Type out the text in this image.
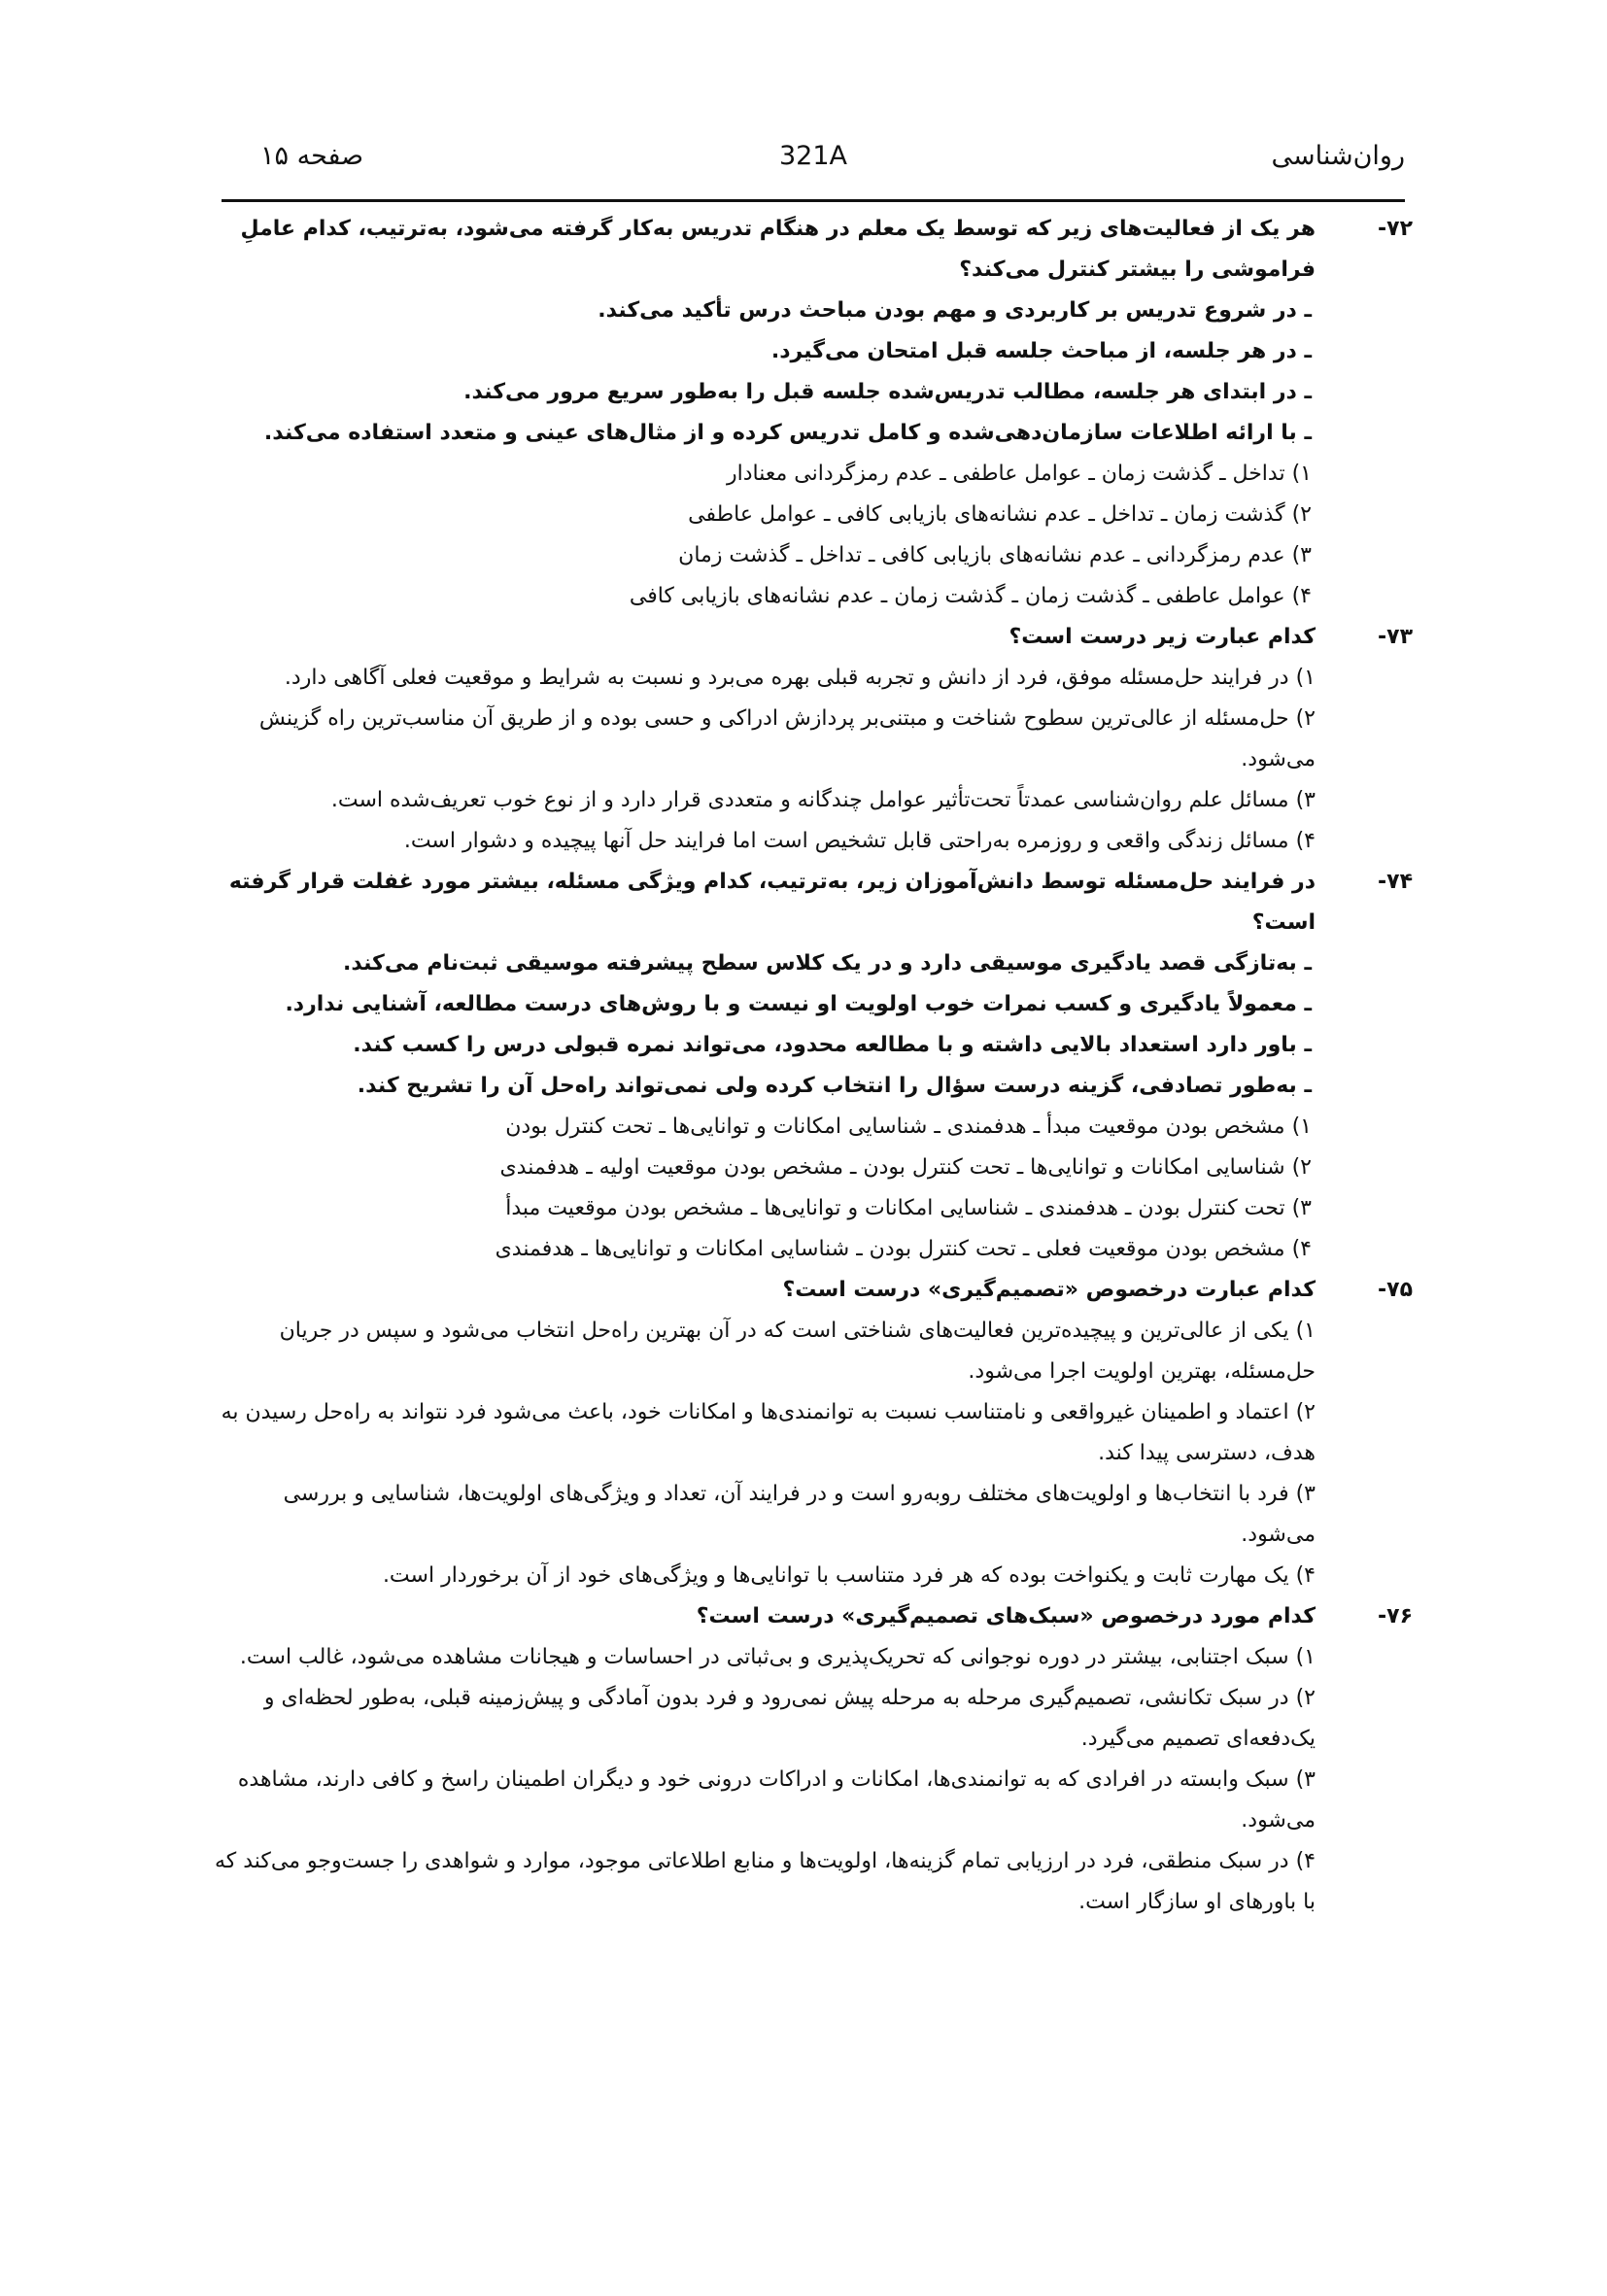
روان‌شناسی
321A
صفحه ۱۵
۷۲-
هر یک از فعالیت‌های زیر که توسط یک معلم در هنگام تدریس به‌کار گرفته می‌شود، به‌ترتیب، کدام عاملِ فراموشی را بیشتر کنترل می‌کند؟
ـ در شروع تدریس بر کاربردی و مهم بودن مباحث درس تأکید می‌کند.
ـ در هر جلسه، از مباحث جلسه قبل امتحان می‌گیرد.
ـ در ابتدای هر جلسه، مطالب تدریس‌شده جلسه قبل را به‌طور سریع مرور می‌کند.
ـ با ارائه اطلاعات سازمان‌دهی‌شده و کامل تدریس کرده و از مثال‌های عینی و متعدد استفاده می‌کند.
۱) تداخل ـ گذشت زمان ـ عوامل عاطفی ـ عدم رمزگردانی معنادار
۲) گذشت زمان ـ تداخل ـ عدم نشانه‌های بازیابی کافی ـ عوامل عاطفی
۳) عدم رمزگردانی ـ عدم نشانه‌های بازیابی کافی ـ تداخل ـ گذشت زمان
۴) عوامل عاطفی ـ گذشت زمان ـ گذشت زمان ـ عدم نشانه‌های بازیابی کافی
۷۳-
کدام عبارت زیر درست است؟
۱) در فرایند حل‌مسئله موفق، فرد از دانش و تجربه قبلی بهره می‌برد و نسبت به شرایط و موقعیت فعلی آگاهی دارد.
۲) حل‌مسئله از عالی‌ترین سطوح شناخت و مبتنی‌بر پردازش ادراکی و حسی بوده و از طریق آن مناسب‌ترین راه گزینش می‌شود.
۳) مسائل علم روان‌شناسی عمدتاً تحت‌تأثیر عوامل چندگانه و متعددی قرار دارد و از نوع خوب تعریف‌شده است.
۴) مسائل زندگی واقعی و روزمره به‌راحتی قابل تشخیص است اما فرایند حل آنها پیچیده و دشوار است.
۷۴-
در فرایند حل‌مسئله توسط دانش‌آموزان زیر، به‌ترتیب، کدام ویژگی مسئله، بیشتر مورد غفلت قرار گرفته است؟
ـ به‌تازگی قصد یادگیری موسیقی دارد و در یک کلاس سطح پیشرفته موسیقی ثبت‌نام می‌کند.
ـ معمولاً یادگیری و کسب نمرات خوب اولویت او نیست و با روش‌های درست مطالعه، آشنایی ندارد.
ـ باور دارد استعداد بالایی داشته و با مطالعه محدود، می‌تواند نمره قبولی درس را کسب کند.
ـ به‌طور تصادفی، گزینه درست سؤال را انتخاب کرده ولی نمی‌تواند راه‌حل آن را تشریح کند.
۱) مشخص بودن موقعیت مبدأ ـ هدفمندی ـ شناسایی امکانات و توانایی‌ها ـ تحت کنترل بودن
۲) شناسایی امکانات و توانایی‌ها ـ تحت کنترل بودن ـ مشخص بودن موقعیت اولیه ـ هدفمندی
۳) تحت کنترل بودن ـ هدفمندی ـ شناسایی امکانات و توانایی‌ها ـ مشخص بودن موقعیت مبدأ
۴) مشخص بودن موقعیت فعلی ـ تحت کنترل بودن ـ شناسایی امکانات و توانایی‌ها ـ هدفمندی
۷۵-
کدام عبارت درخصوص «تصمیم‌گیری» درست است؟
۱) یکی از عالی‌ترین و پیچیده‌ترین فعالیت‌های شناختی است که در آن بهترین راه‌حل انتخاب می‌شود و سپس در جریان حل‌مسئله، بهترین اولویت اجرا می‌شود.
۲) اعتماد و اطمینان غیرواقعی و نامتناسب نسبت به توانمندی‌ها و امکانات خود، باعث می‌شود فرد نتواند به راه‌حل رسیدن به هدف، دسترسی پیدا کند.
۳) فرد با انتخاب‌ها و اولویت‌های مختلف روبه‌رو است و در فرایند آن، تعداد و ویژگی‌های اولویت‌ها، شناسایی و بررسی می‌شود.
۴) یک مهارت ثابت و یکنواخت بوده که هر فرد متناسب با توانایی‌ها و ویژگی‌های خود از آن برخوردار است.
۷۶-
کدام مورد درخصوص «سبک‌های تصمیم‌گیری» درست است؟
۱) سبک اجتنابی، بیشتر در دوره نوجوانی که تحریک‌پذیری و بی‌ثباتی در احساسات و هیجانات مشاهده می‌شود، غالب است.
۲) در سبک تکانشی، تصمیم‌گیری مرحله به مرحله پیش نمی‌رود و فرد بدون آمادگی و پیش‌زمینه قبلی، به‌طور لحظه‌ای و یک‌دفعه‌ای تصمیم می‌گیرد.
۳) سبک وابسته در افرادی که به توانمندی‌ها، امکانات و ادراکات درونی خود و دیگران اطمینان راسخ و کافی دارند، مشاهده می‌شود.
۴) در سبک منطقی، فرد در ارزیابی تمام گزینه‌ها، اولویت‌ها و منابع اطلاعاتی موجود، موارد و شواهدی را جست‌وجو می‌کند که با باورهای او سازگار است.
